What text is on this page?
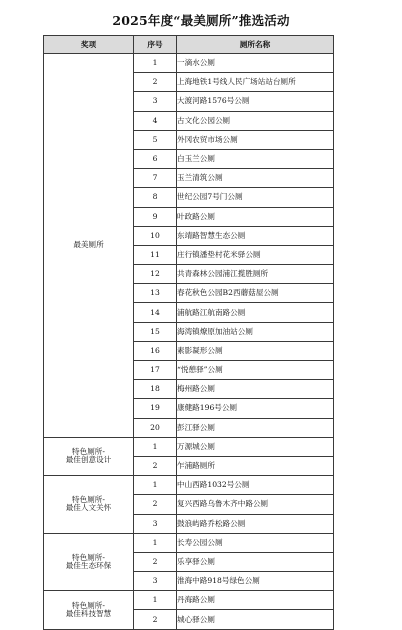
2025年度“最美厕所”推选活动
奖项	序号	厕所名称
最美厕所	1	一滴水公厕
	2	上海地铁1号线人民广场站站台厕所
	3	大渡河路1576号公厕
	4	古文化公园公厕
	5	外冈农贸市场公厕
	6	白玉兰公厕
	7	玉兰清筑公厕
	8	世纪公园7号门公厕
	9	叶政路公厕
	10	东靖路智慧生态公厕
	11	庄行镇潘垫村花米驿公厕
	12	共青森林公园浦江揽胜厕所
	13	春花秋色公园B2西蘑菇屋公厕
	14	浦航路江航南路公厕
	15	海湾镇燎原加油站公厕
	16	素影凝形公厕
	17	“悦憩驿”公厕
	18	梅州路公厕
	19	康健路196号公厕
	20	彭江驿公厕
特色厕所-
最佳创意设计	1	万源城公厕
	2	乍浦路厕所
特色厕所-
最佳人文关怀	1	中山西路1032号公厕
	2	复兴西路乌鲁木齐中路公厕
	3	鼓浪屿路乔松路公厕
特色厕所-
最佳生态环保	1	长寿公园公厕
	2	乐享驿公厕
	3	淮海中路918号绿色公厕
特色厕所-
最佳科技智慧	1	丹海路公厕
	2	城心驿公厕
